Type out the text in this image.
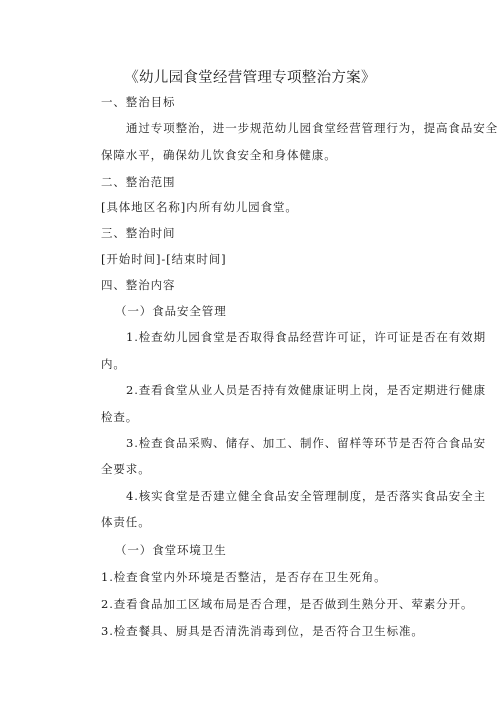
《幼儿园食堂经营管理专项整治方案》
一、整治目标
通过专项整治，进一步规范幼儿园食堂经营管理行为，提高食品安全
保障水平，确保幼儿饮食安全和身体健康。
二、整治范围
[具体地区名称]内所有幼儿园食堂。
三、整治时间
[开始时间]-[结束时间]
四、整治内容
（一）食品安全管理
1.检查幼儿园食堂是否取得食品经营许可证，许可证是否在有效期
内。
2.查看食堂从业人员是否持有效健康证明上岗，是否定期进行健康
检查。
3.检查食品采购、储存、加工、制作、留样等环节是否符合食品安
全要求。
4.核实食堂是否建立健全食品安全管理制度，是否落实食品安全主
体责任。
（一）食堂环境卫生
1.检查食堂内外环境是否整洁，是否存在卫生死角。
2.查看食品加工区域布局是否合理，是否做到生熟分开、荤素分开。
3.检查餐具、厨具是否清洗消毒到位，是否符合卫生标准。
